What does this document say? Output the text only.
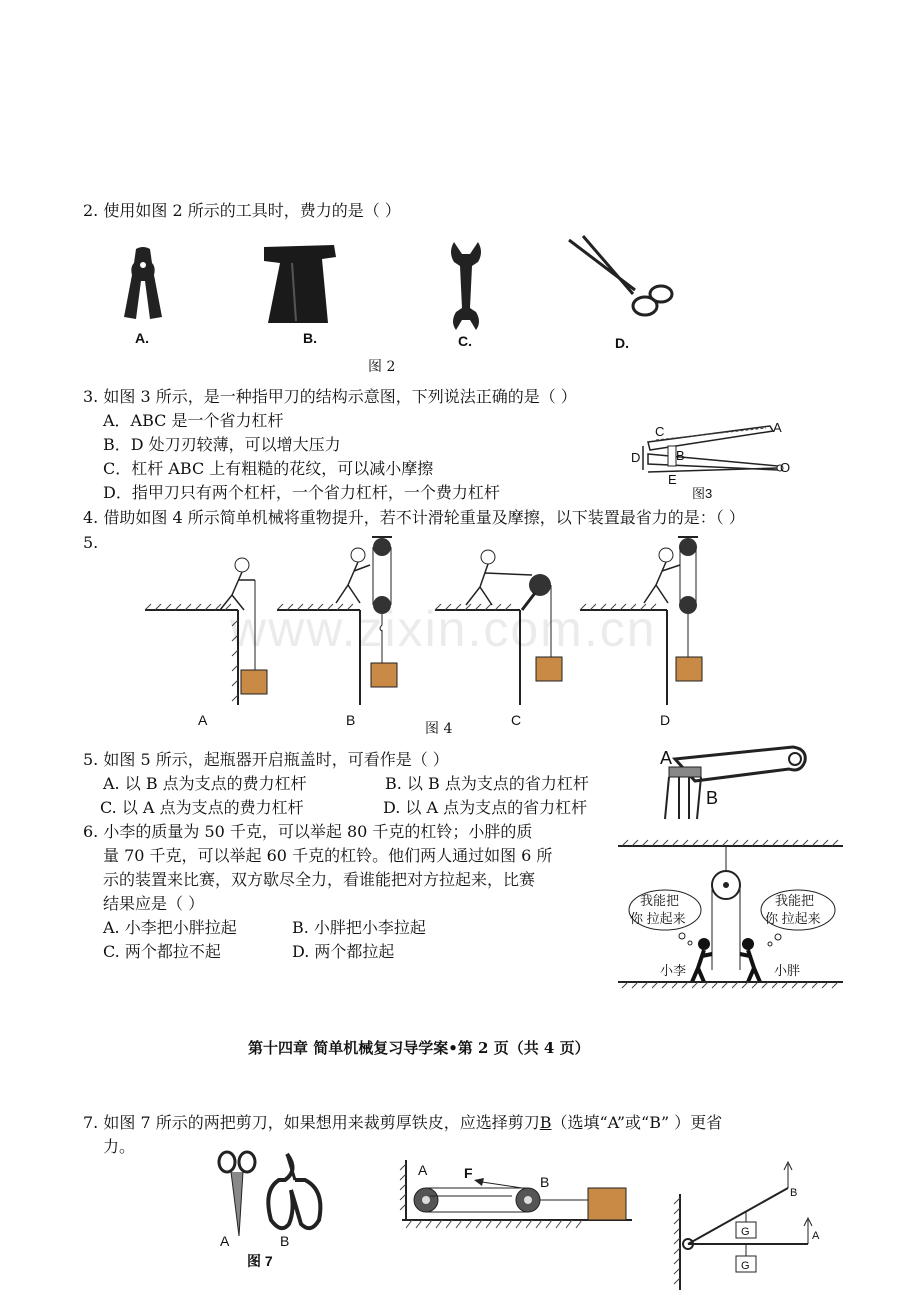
2. 使用如图 2 所示的工具时，费力的是（ ）
A.	B.	C.	D.
图 2
3. 如图 3 所示，是一种指甲刀的结构示意图，下列说法正确的是（ ）
A．ABC 是一个省力杠杆
B．D 处刀刃较薄，可以增大压力
C．杠杆 ABC 上有粗糙的花纹，可以减小摩擦
D．指甲刀只有两个杠杆，一个省力杠杆，一个费力杠杆
C	A
D	B
E
O
图3
4. 借助如图 4 所示简单机械将重物提升，若不计滑轮重量及摩擦，以下装置最省力的是：（ ）
5.
A	B
图 4
C	D
www.zixin.com.cn
5. 如图 5 所示，起瓶器开启瓶盖时，可看作是（ ）
A. 以 B 点为支点的费力杠杆	B. 以 B 点为支点的省力杠杆
C. 以 A 点为支点的费力杠杆	D. 以 A 点为支点的省力杠杆
A
B
6. 小李的质量为 50 千克，可以举起 80 千克的杠铃；小胖的质
量 70 千克，可以举起 60 千克的杠铃。他们两人通过如图 6 所
示的装置来比赛，双方歇尽全力，看谁能把对方拉起来，比赛
结果应是（ ）
A. 小李把小胖拉起	B. 小胖把小李拉起
C. 两个都拉不起	D. 两个都拉起
我能把
你 拉起来
我能把
你 拉起来
小李	小胖
第十四章 简单机械复习导学案•第 2 页（共 4 页）
7. 如图 7 所示的两把剪刀，如果想用来裁剪厚铁皮，应选择剪刀B（选填“A”或“B” ）更省
力。
A	B
图 7
A	F
B
B
A
G
G
